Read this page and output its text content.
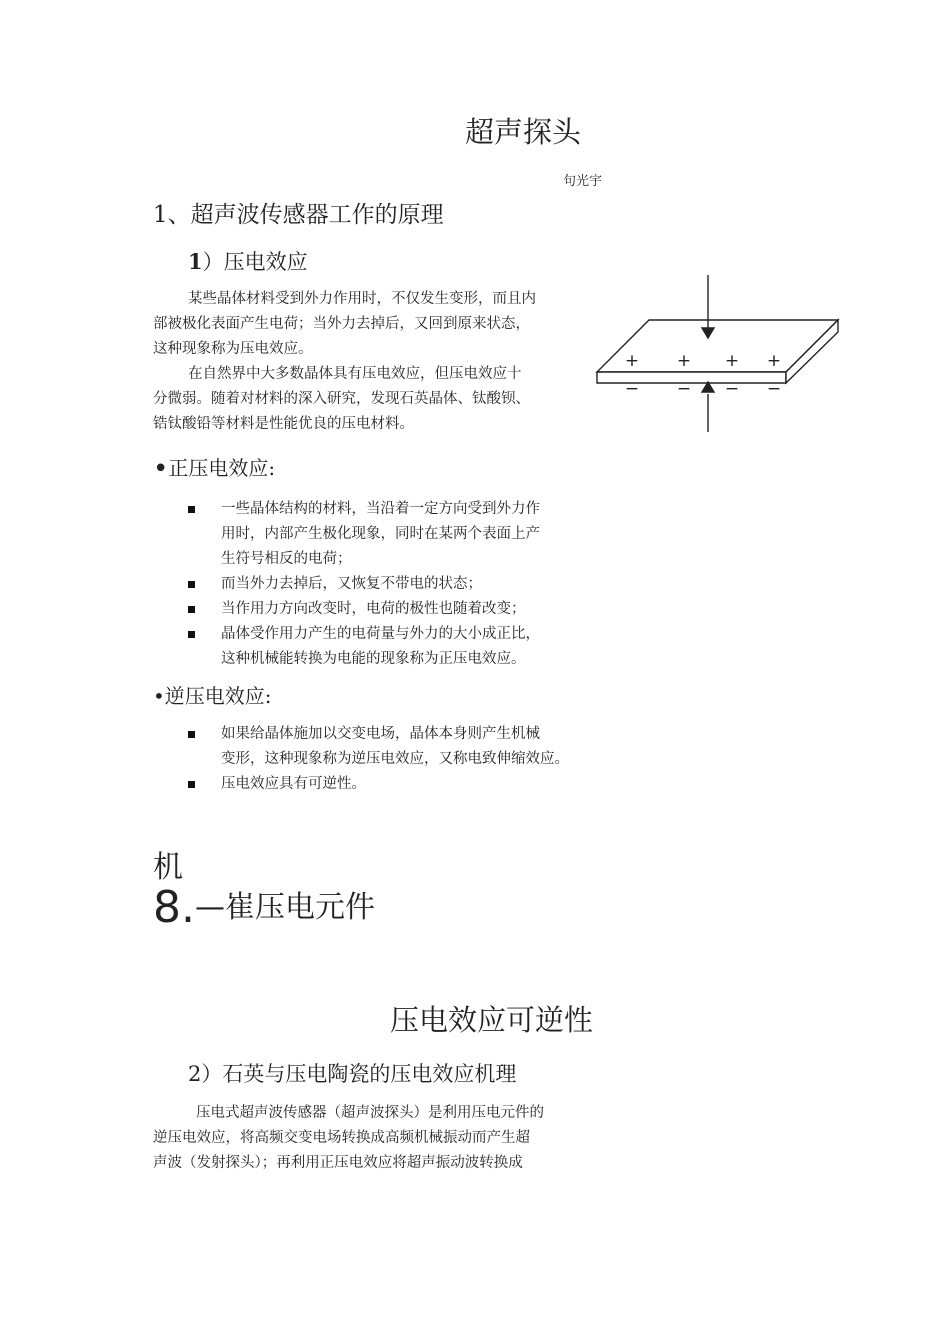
超声探头
句光宇
1、超声波传感器工作的原理
1）压电效应

某些晶体材料受到外力作用时，不仅发生变形，而且内

部被极化表面产生电荷；当外力去掉后，又回到原来状态，

这种现象称为压电效应。

在自然界中大多数晶体具有压电效应，但压电效应十

分微弱。随着对材料的深入研究，发现石英晶体、钛酸钡、

锆钛酸铅等材料是性能优良的压电材料。

+ + + +
− − − −
•正压电效应:
一些晶体结构的材料，当沿着一定方向受到外力作
用时，内部产生极化现象，同时在某两个表面上产
生符号相反的电荷；
而当外力去掉后，又恢复不带电的状态；
当作用力方向改变时，电荷的极性也随着改变；
晶体受作用力产生的电荷量与外力的大小成正比，
这种机械能转换为电能的现象称为正压电效应。
•逆压电效应:
如果给晶体施加以交变电场，晶体本身则产生机械
变形，这种现象称为逆压电效应，又称电致伸缩效应。
压电效应具有可逆性。
机
8.—崔压电元件
压电效应可逆性
2）石英与压电陶瓷的压电效应机理

压电式超声波传感器（超声波探头）是利用压电元件的

逆压电效应，将高频交变电场转换成高频机械振动而产生超

声波（发射探头）；再利用正压电效应将超声振动波转换成
